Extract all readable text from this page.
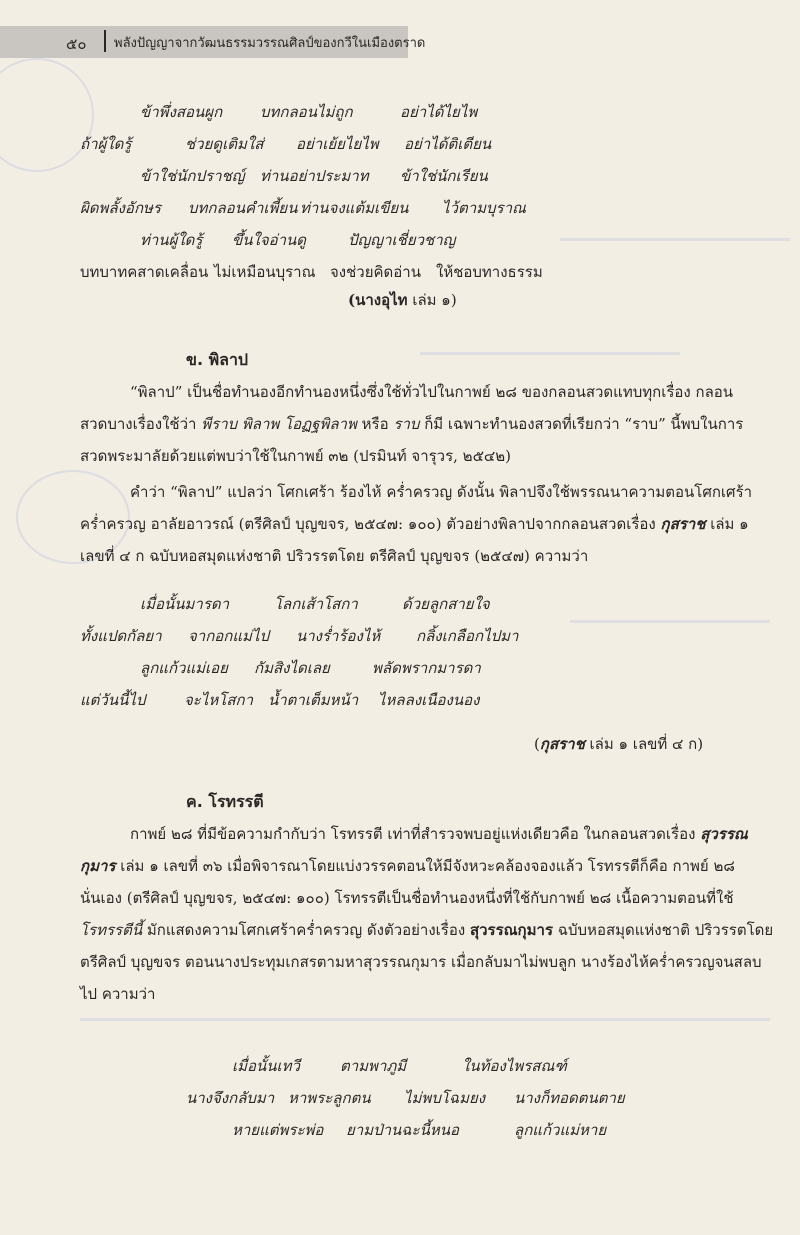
๕๐ พลังปัญญาจากวัฒนธรรมวรรณศิลป์ของกวีในเมืองตราด
ข้าพึ่งสอนผูก	บทกลอนไม่ถูก	อย่าได้ไยไพ
ถ้าผู้ใดรู้	ช่วยดูเติมใส่ อย่าเย้ยไยไพ อย่าได้ติเตียน
ข้าใช่นักปราชญ์ ท่านอย่าประมาท ข้าใช่นักเรียน
ผิดพลั้งอักษร บทกลอนคำเพี้ยน ท่านจงแต้มเขียน ไว้ตามบุราณ
ท่านผู้ใดรู้ ขึ้นใจอ่านดู	ปัญญาเชี่ยวชาญ
บทบาทคสาดเคลื่อน ไม่เหมือนบุราณ จงช่วยคิดอ่าน ให้ชอบทางธรรม
(นางอุไท เล่ม ๑)
ข. พิลาป
“พิลาป” เป็นชื่อทำนองอีกทำนองหนึ่งซึ่งใช้ทั่วไปในกาพย์ ๒๘ ของกลอนสวดแทบทุกเรื่อง กลอน
สวดบางเรื่องใช้ว่า พีราบ พิลาพ โอฏฐพิลาพ หรือ ราบ ก็มี เฉพาะทำนองสวดที่เรียกว่า “ราบ” นี้พบในการ
สวดพระมาลัยด้วยแต่พบว่าใช้ในกาพย์ ๓๒ (ปรมินท์ จารุวร, ๒๕๔๒)
คำว่า “พิลาป” แปลว่า โศกเศร้า ร้องไห้ คร่ำครวญ ดังนั้น พิลาปจึงใช้พรรณนาความตอนโศกเศร้า
คร่ำครวญ อาลัยอาวรณ์ (ตรีศิลป์ บุญขจร, ๒๕๔๗: ๑๐๐) ตัวอย่างพิลาปจากกลอนสวดเรื่อง กุสราช เล่ม ๑
เลขที่ ๔ ก ฉบับหอสมุดแห่งชาติ ปริวรรตโดย ตรีศิลป์ บุญขจร (๒๕๔๗) ความว่า
เมื่อนั้นมารดา	โลกเส้าโสกา	ด้วยลูกสายใจ
ทั้งแปดกัลยา จากอกแม่ไป นางร่ำร้องไห้ กลิ้งเกลือกไปมา
ลูกแก้วแม่เอย กัมสิงไดเลย	พลัดพรากมารดา
แต่วันนี้ไป	จะไหโสกา น้ำตาเต็มหน้า ไหลลงเนืองนอง
(กุสราช เล่ม ๑ เลขที่ ๔ ก)
ค. โรทรรตี
กาพย์ ๒๘ ที่มีข้อความกำกับว่า โรทรรตี เท่าที่สำรวจพบอยู่แห่งเดียวคือ ในกลอนสวดเรื่อง สุวรรณ
กุมาร เล่ม ๑ เลขที่ ๓๖ เมื่อพิจารณาโดยแบ่งวรรคตอนให้มีจังหวะคล้องจองแล้ว โรทรรตีก็คือ กาพย์ ๒๘
นั่นเอง (ตรีศิลป์ บุญขจร, ๒๕๔๗: ๑๐๐) โรทรรตีเป็นชื่อทำนองหนึ่งที่ใช้กับกาพย์ ๒๘ เนื้อความตอนที่ใช้
โรทรรตีนี้ มักแสดงความโศกเศร้าคร่ำครวญ ดังตัวอย่างเรื่อง สุวรรณกุมาร ฉบับหอสมุดแห่งชาติ ปริวรรตโดย
ตรีศิลป์ บุญขจร ตอนนางประทุมเกสรตามหาสุวรรณกุมาร เมื่อกลับมาไม่พบลูก นางร้องไห้คร่ำครวญจนสลบ
ไป ความว่า
เมื่อนั้นเทวี	ตามพาภูมี	ในท้องไพรสณฑ์
นางจึงกลับมา หาพระลูกตน ไม่พบโฉมยง นางก็ทอดตนตาย
หายแต่พระพ่อ ยามป่านฉะนี้หนอ	ลูกแก้วแม่หาย
